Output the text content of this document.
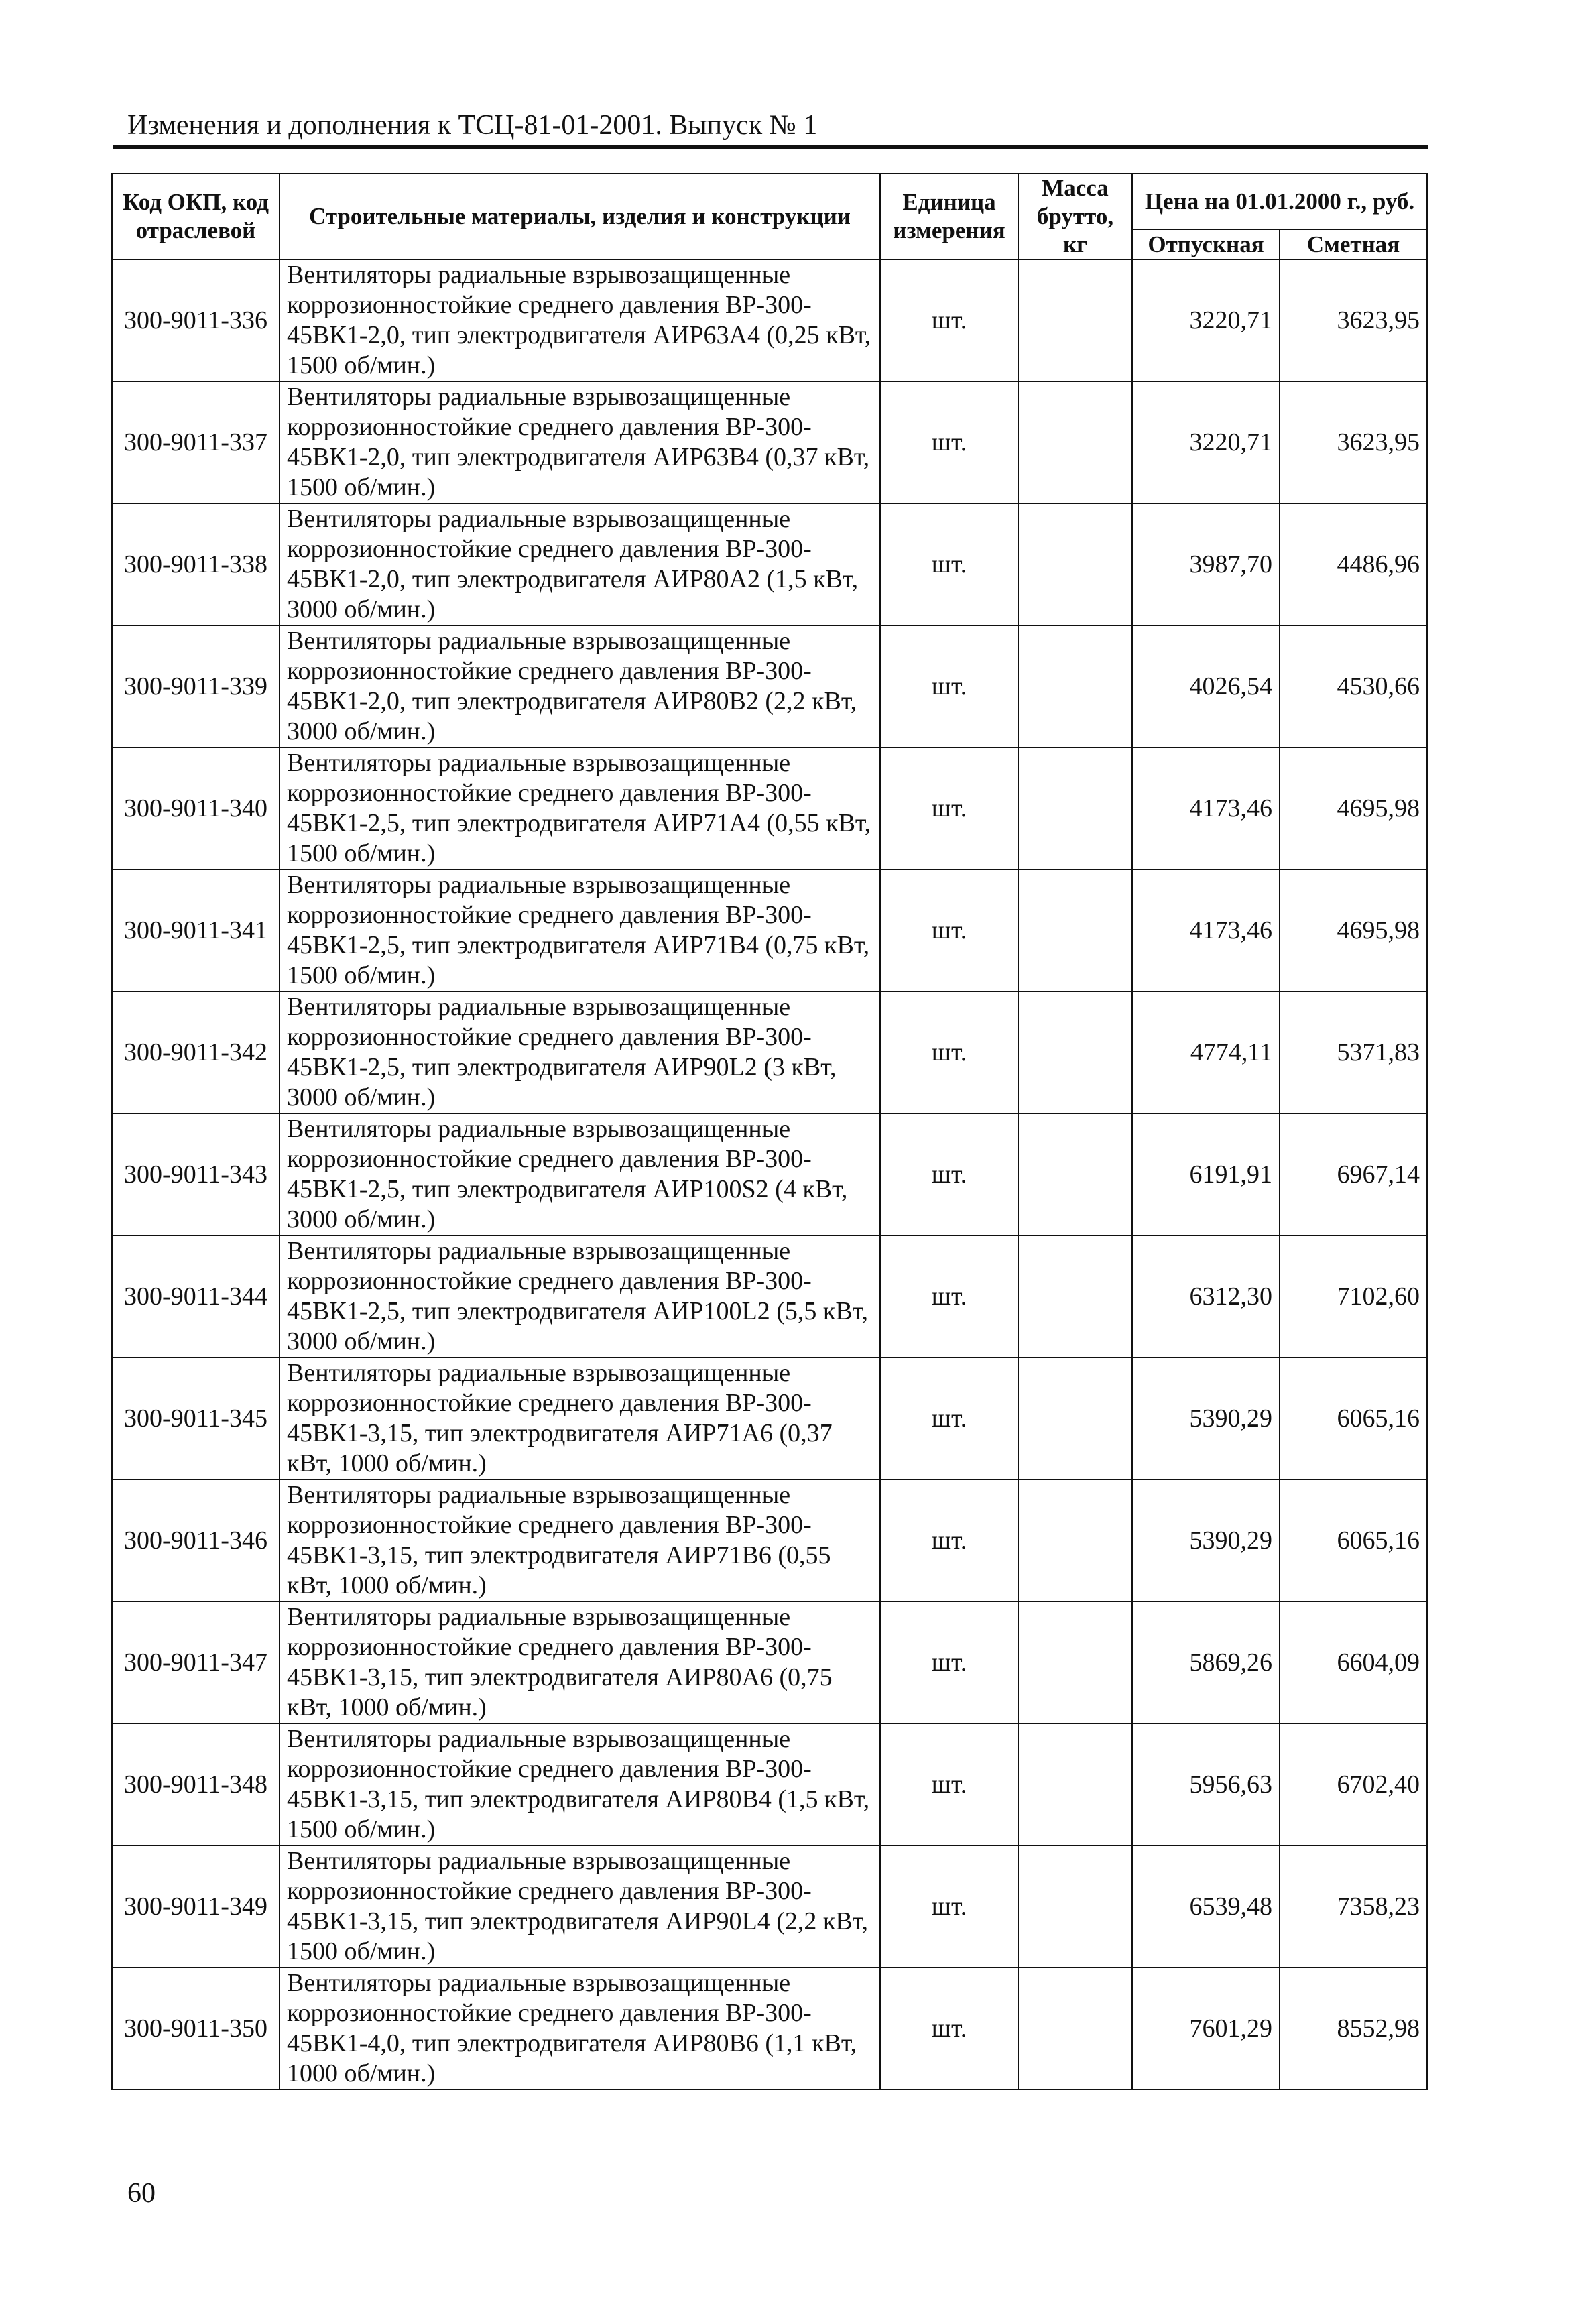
Изменения и дополнения к ТСЦ-81-01-2001. Выпуск № 1
Код ОКП, код отраслевой	Строительные материалы, изделия и конструкции	Единица измерения	Масса брутто, кг	Цена на 01.01.2000 г., руб.	
				Отпускная	Сметная
300-9011-336	Вентиляторы радиальные взрывозащищенные коррозионностойкие среднего давления ВР-300-45ВК1-2,0, тип электродвигателя АИР63А4 (0,25 кВт, 1500 об/мин.)	шт.		3220,71	3623,95
300-9011-337	Вентиляторы радиальные взрывозащищенные коррозионностойкие среднего давления ВР-300-45ВК1-2,0, тип электродвигателя АИР63В4 (0,37 кВт, 1500 об/мин.)	шт.		3220,71	3623,95
300-9011-338	Вентиляторы радиальные взрывозащищенные коррозионностойкие среднего давления ВР-300-45ВК1-2,0, тип электродвигателя АИР80А2 (1,5 кВт, 3000 об/мин.)	шт.		3987,70	4486,96
300-9011-339	Вентиляторы радиальные взрывозащищенные коррозионностойкие среднего давления ВР-300-45ВК1-2,0, тип электродвигателя АИР80В2 (2,2 кВт, 3000 об/мин.)	шт.		4026,54	4530,66
300-9011-340	Вентиляторы радиальные взрывозащищенные коррозионностойкие среднего давления ВР-300-45ВК1-2,5, тип электродвигателя АИР71А4 (0,55 кВт, 1500 об/мин.)	шт.		4173,46	4695,98
300-9011-341	Вентиляторы радиальные взрывозащищенные коррозионностойкие среднего давления ВР-300-45ВК1-2,5, тип электродвигателя АИР71В4 (0,75 кВт, 1500 об/мин.)	шт.		4173,46	4695,98
300-9011-342	Вентиляторы радиальные взрывозащищенные коррозионностойкие среднего давления ВР-300-45ВК1-2,5, тип электродвигателя АИР90L2 (3 кВт, 3000 об/мин.)	шт.		4774,11	5371,83
300-9011-343	Вентиляторы радиальные взрывозащищенные коррозионностойкие среднего давления ВР-300-45ВК1-2,5, тип электродвигателя АИР100S2 (4 кВт, 3000 об/мин.)	шт.		6191,91	6967,14
300-9011-344	Вентиляторы радиальные взрывозащищенные коррозионностойкие среднего давления ВР-300-45ВК1-2,5, тип электродвигателя АИР100L2 (5,5 кВт, 3000 об/мин.)	шт.		6312,30	7102,60
300-9011-345	Вентиляторы радиальные взрывозащищенные коррозионностойкие среднего давления ВР-300-45ВК1-3,15, тип электродвигателя АИР71А6 (0,37 кВт, 1000 об/мин.)	шт.		5390,29	6065,16
300-9011-346	Вентиляторы радиальные взрывозащищенные коррозионностойкие среднего давления ВР-300-45ВК1-3,15, тип электродвигателя АИР71В6 (0,55 кВт, 1000 об/мин.)	шт.		5390,29	6065,16
300-9011-347	Вентиляторы радиальные взрывозащищенные коррозионностойкие среднего давления ВР-300-45ВК1-3,15, тип электродвигателя АИР80А6 (0,75 кВт, 1000 об/мин.)	шт.		5869,26	6604,09
300-9011-348	Вентиляторы радиальные взрывозащищенные коррозионностойкие среднего давления ВР-300-45ВК1-3,15, тип электродвигателя АИР80В4 (1,5 кВт, 1500 об/мин.)	шт.		5956,63	6702,40
300-9011-349	Вентиляторы радиальные взрывозащищенные коррозионностойкие среднего давления ВР-300-45ВК1-3,15, тип электродвигателя АИР90L4 (2,2 кВт, 1500 об/мин.)	шт.		6539,48	7358,23
300-9011-350	Вентиляторы радиальные взрывозащищенные коррозионностойкие среднего давления ВР-300-45ВК1-4,0, тип электродвигателя АИР80В6 (1,1 кВт, 1000 об/мин.)	шт.		7601,29	8552,98
60
